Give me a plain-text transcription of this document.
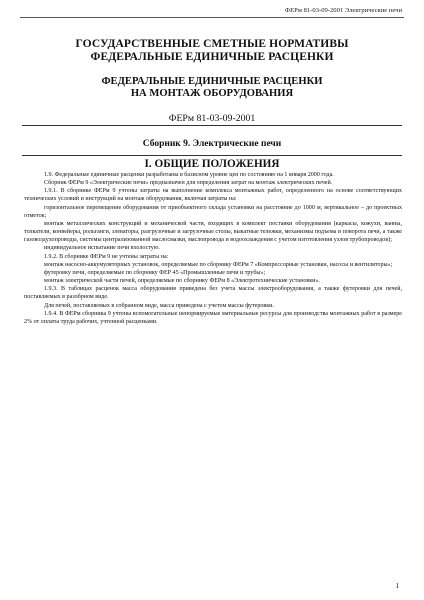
ФЕРм 81-03-09-2001 Электрические печи
ГОСУДАРСТВЕННЫЕ СМЕТНЫЕ НОРМАТИВЫ
ФЕДЕРАЛЬНЫЕ ЕДИНИЧНЫЕ РАСЦЕНКИ
ФЕДЕРАЛЬНЫЕ ЕДИНИЧНЫЕ РАСЦЕНКИ
НА МОНТАЖ ОБОРУДОВАНИЯ
ФЕРм 81-03-09-2001
Сборник 9. Электрические печи
I. ОБЩИЕ ПОЛОЖЕНИЯ

1.9. Федеральные единичные расценки разработаны в базисном уровне цен по состоянию на 1 января 2000 года.

Сборник ФЕРм 9 «Электрические печи» предназначен для определения затрат на монтаж электрических печей.

1.9.1. В сборнике ФЕРм 9 учтены затраты на выполнение комплекса монтажных работ, определенного на основе соответствующих технических условий и инструкций на монтаж оборудования, включая затраты на:

горизонтальное перемещение оборудования от приобъектного склада установки на расстояние до 1000 м, вертикальное – до проектных отметок;

монтаж металлических конструкций и механической части, входящих в комплект поставки оборудования (каркасы, кожухи, ванны, толкатели, конвейеры, рольганги, элеваторы, разгрузочные и загрузочные столы, выкатные тележки, механизмы подъема и поворота печи, а также газовоздухопроводы, системы централизованной маслосмазки, маслопровода и водоохлаждения с учетом изготовления узлов трубопроводов);

индивидуальное испытание печи вхолостую.

1.9.2. В сборнике ФЕРм 9 не учтены затраты на:

монтаж насосно-аккумуляторных установок, определяемые по сборнику ФЕРм 7 «Компрессорные установки, насосы и вентиляторы»;

футеровку печи, определяемые по сборнику ФЕР 45 «Промышленные печи и трубы»;

монтаж электрической части печей, определяемые по сборнику ФЕРм 8 «Электротехнические установки».

1.9.3. В таблицах расценок масса оборудования приведена без учета массы электрооборудования, а также футеровки для печей, поставляемых в разобрном виде.

Для печей, поставляемых в собранном виде, масса приведена с учетом массы футеровки.

1.9.4. В ФЕРм сборника 9 учтены вспомогательные ненормируемые материальные ресурсы для производства монтажных работ в размере 2% от оплаты труда рабочих, учтенной расценками.

1
